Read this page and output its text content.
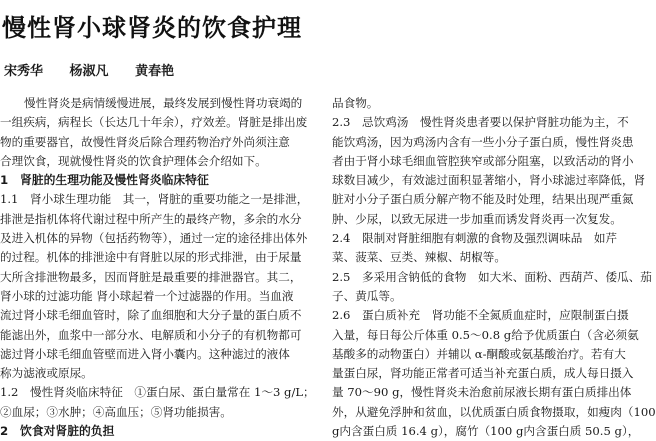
慢性肾小球肾炎的饮食护理
宋秀华 杨淑凡 黄春艳
慢性肾炎是病情缓慢进展，最终发展到慢性肾功衰竭的
一组疾病，病程长（长达几十年余），疗效差。肾脏是排出废
物的重要器官，故慢性肾炎后除合理药物治疗外尚须注意
合理饮食，现就慢性肾炎的饮食护理体会介绍如下。
1　肾脏的生理功能及慢性肾炎临床特征
1.1　肾小球生理功能　其一，肾脏的重要功能之一是排泄，
排泄是指机体将代谢过程中所产生的最终产物，多余的水分
及进入机体的异物（包括药物等），通过一定的途径排出体外
的过程。机体的排泄途中有肾脏以尿的形式排泄，由于尿量
大所含排泄物最多，因而肾脏是最重要的排泄器官。其二，
肾小球的过滤功能 肾小球起着一个过滤器的作用。当血液
流过肾小球毛细血管时，除了血细胞和大分子量的蛋白质不
能滤出外，血浆中一部分水、电解质和小分子的有机物都可
滤过肾小球毛细血管壁而进入肾小囊内。这种滤过的液体
称为滤液或原尿。
1.2　慢性肾炎临床特征　①蛋白尿、蛋白量常在 1～3 g/L；
②血尿；③水肿；④高血压；⑤肾功能损害。
2　饮食对肾脏的负担
品食物。
2.3　忌饮鸡汤　慢性肾炎患者要以保护肾脏功能为主，不
能饮鸡汤，因为鸡汤内含有一些小分子蛋白质，慢性肾炎患
者由于肾小球毛细血管腔狭窄或部分阻塞，以致活动的肾小
球数目减少，有效滤过面积显著缩小，肾小球滤过率降低，肾
脏对小分子蛋白质分解产物不能及时处理，结果出现严重氮
肿、少尿，以致无尿进一步加重而诱发肾炎再一次复发。
2.4　限制对肾脏细胞有刺激的食物及强烈调味品　如芹
菜、菠菜、豆类、辣椒、胡椒等。
2.5　多采用含钠低的食物　如大米、面粉、西葫芦、倭瓜、茄
子、黄瓜等。
2.6　蛋白质补充　肾功能不全氮质血症时，应限制蛋白摄
入量，每日每公斤体重 0.5～0.8 g给予优质蛋白（含必须氨
基酸多的动物蛋白）并辅以 α-酮酸或氨基酸治疗。若有大
量蛋白尿，肾功能正常者可适当补充蛋白质，成人每日摄入
量 70～90 g，慢性肾炎未治愈前尿液长期有蛋白质排出体
外，从避免浮肿和贫血，以优质蛋白质食物摄取，如瘦肉（100
g内含蛋白质 16.4 g），腐竹（100 g内含蛋白质 50.5 g），
